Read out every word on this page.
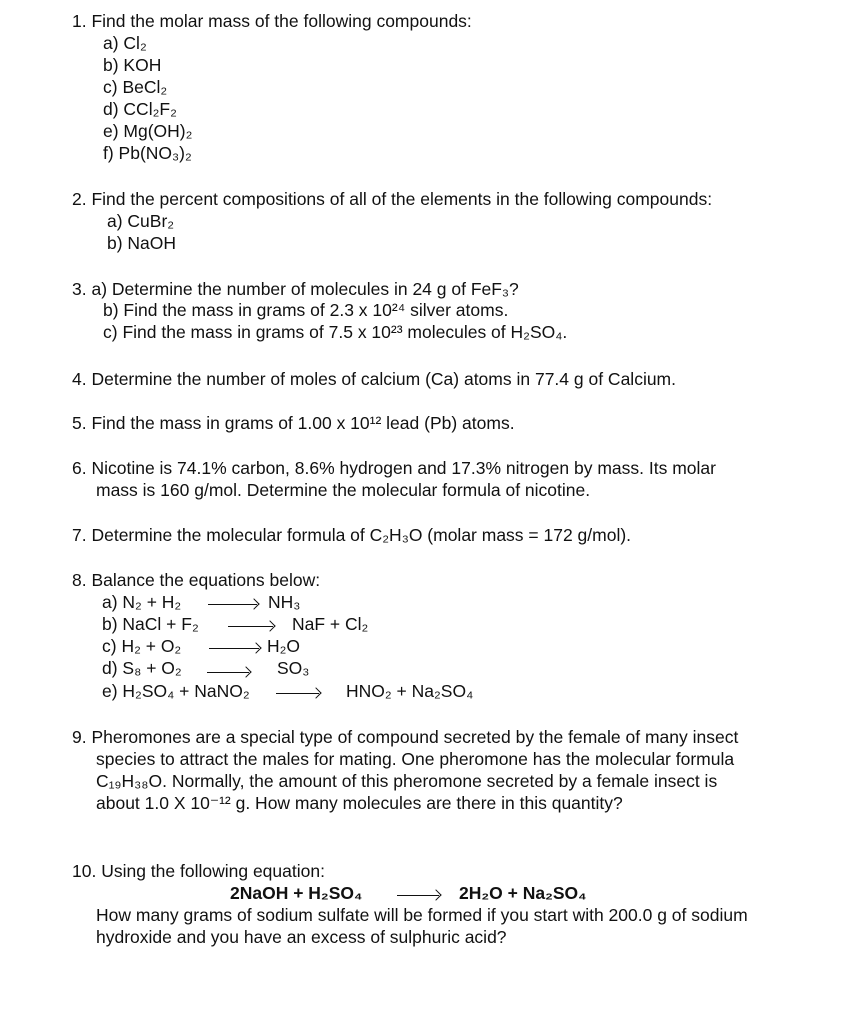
1. Find the molar mass of the following compounds:
a) Cl₂
b) KOH
c) BeCl₂
d) CCl₂F₂
e) Mg(OH)₂
f) Pb(NO₃)₂
2. Find the percent compositions of all of the elements in the following compounds:
a) CuBr₂
b) NaOH
3. a) Determine the number of molecules in 24 g of FeF₃?
b) Find the mass in grams of 2.3 x 10²⁴ silver atoms.
c) Find the mass in grams of 7.5 x 10²³ molecules of H₂SO₄.
4. Determine the number of moles of calcium (Ca) atoms in 77.4 g of Calcium.
5. Find the mass in grams of 1.00 x 10¹² lead (Pb) atoms.
6. Nicotine is 74.1% carbon, 8.6% hydrogen and 17.3% nitrogen by mass. Its molar
mass is 160 g/mol. Determine the molecular formula of nicotine.
7. Determine the molecular formula of C₂H₃O (molar mass = 172 g/mol).
8. Balance the equations below:
a) N₂ + H₂	NH₃
b) NaCl + F₂	NaF + Cl₂
c) H₂ + O₂	H₂O
d) S₈ + O₂	SO₃
e) H₂SO₄ + NaNO₂	HNO₂ + Na₂SO₄
9. Pheromones are a special type of compound secreted by the female of many insect
species to attract the males for mating. One pheromone has the molecular formula
C₁₉H₃₈O. Normally, the amount of this pheromone secreted by a female insect is
about 1.0 X 10⁻¹² g. How many molecules are there in this quantity?
10. Using the following equation:
2NaOH + H₂SO₄	2H₂O + Na₂SO₄
How many grams of sodium sulfate will be formed if you start with 200.0 g of sodium
hydroxide and you have an excess of sulphuric acid?
